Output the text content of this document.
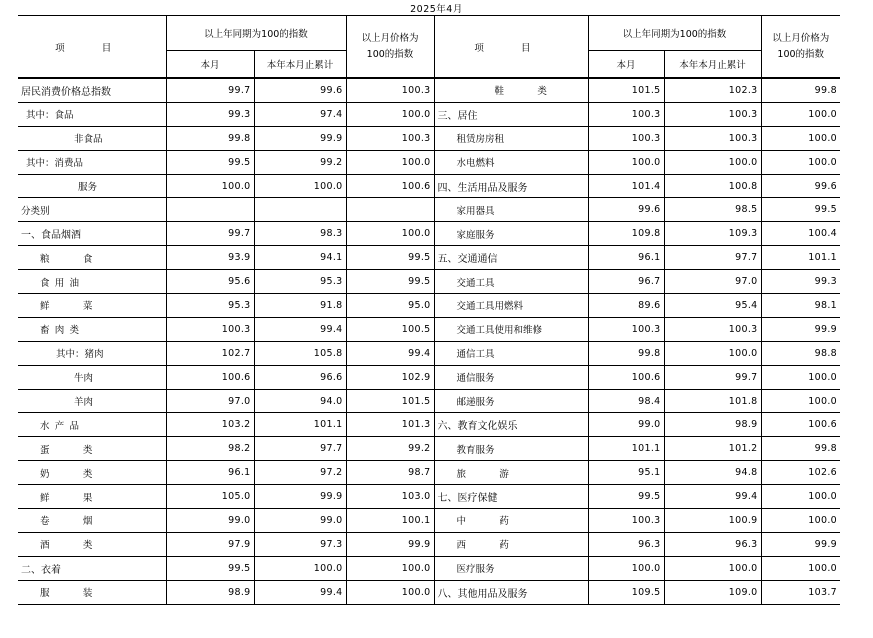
2025年4月
项 目	以上年同期为100的指数		以上月价格为100的指数	项 目	以上年同期为100的指数		以上月价格为100的指数
	本月	本年本月止累计			本月	本年本月止累计	
居民消费价格总指数	99.7	99.6	100.3	鞋 类	101.5	102.3	99.8
其中：食品	99.3	97.4	100.0	三、居住	100.3	100.3	100.0
非食品	99.8	99.9	100.3	租赁房房租	100.3	100.3	100.0
其中：消费品	99.5	99.2	100.0	水电燃料	100.0	100.0	100.0
服务	100.0	100.0	100.6	四、生活用品及服务	101.4	100.8	99.6
分类别				家用器具	99.6	98.5	99.5
一、食品烟酒	99.7	98.3	100.0	家庭服务	109.8	109.3	100.4
粮 食	93.9	94.1	99.5	五、交通通信	96.1	97.7	101.1
食用油	95.6	95.3	99.5	交通工具	96.7	97.0	99.3
鲜 菜	95.3	91.8	95.0	交通工具用燃料	89.6	95.4	98.1
畜肉类	100.3	99.4	100.5	交通工具使用和维修	100.3	100.3	99.9
其中：猪肉	102.7	105.8	99.4	通信工具	99.8	100.0	98.8
牛肉	100.6	96.6	102.9	通信服务	100.6	99.7	100.0
羊肉	97.0	94.0	101.5	邮递服务	98.4	101.8	100.0
水产品	103.2	101.1	101.3	六、教育文化娱乐	99.0	98.9	100.6
蛋 类	98.2	97.7	99.2	教育服务	101.1	101.2	99.8
奶 类	96.1	97.2	98.7	旅 游	95.1	94.8	102.6
鲜 果	105.0	99.9	103.0	七、医疗保健	99.5	99.4	100.0
卷 烟	99.0	99.0	100.1	中 药	100.3	100.9	100.0
酒 类	97.9	97.3	99.9	西 药	96.3	96.3	99.9
二、衣着	99.5	100.0	100.0	医疗服务	100.0	100.0	100.0
服 装	98.9	99.4	100.0	八、其他用品及服务	109.5	109.0	103.7
